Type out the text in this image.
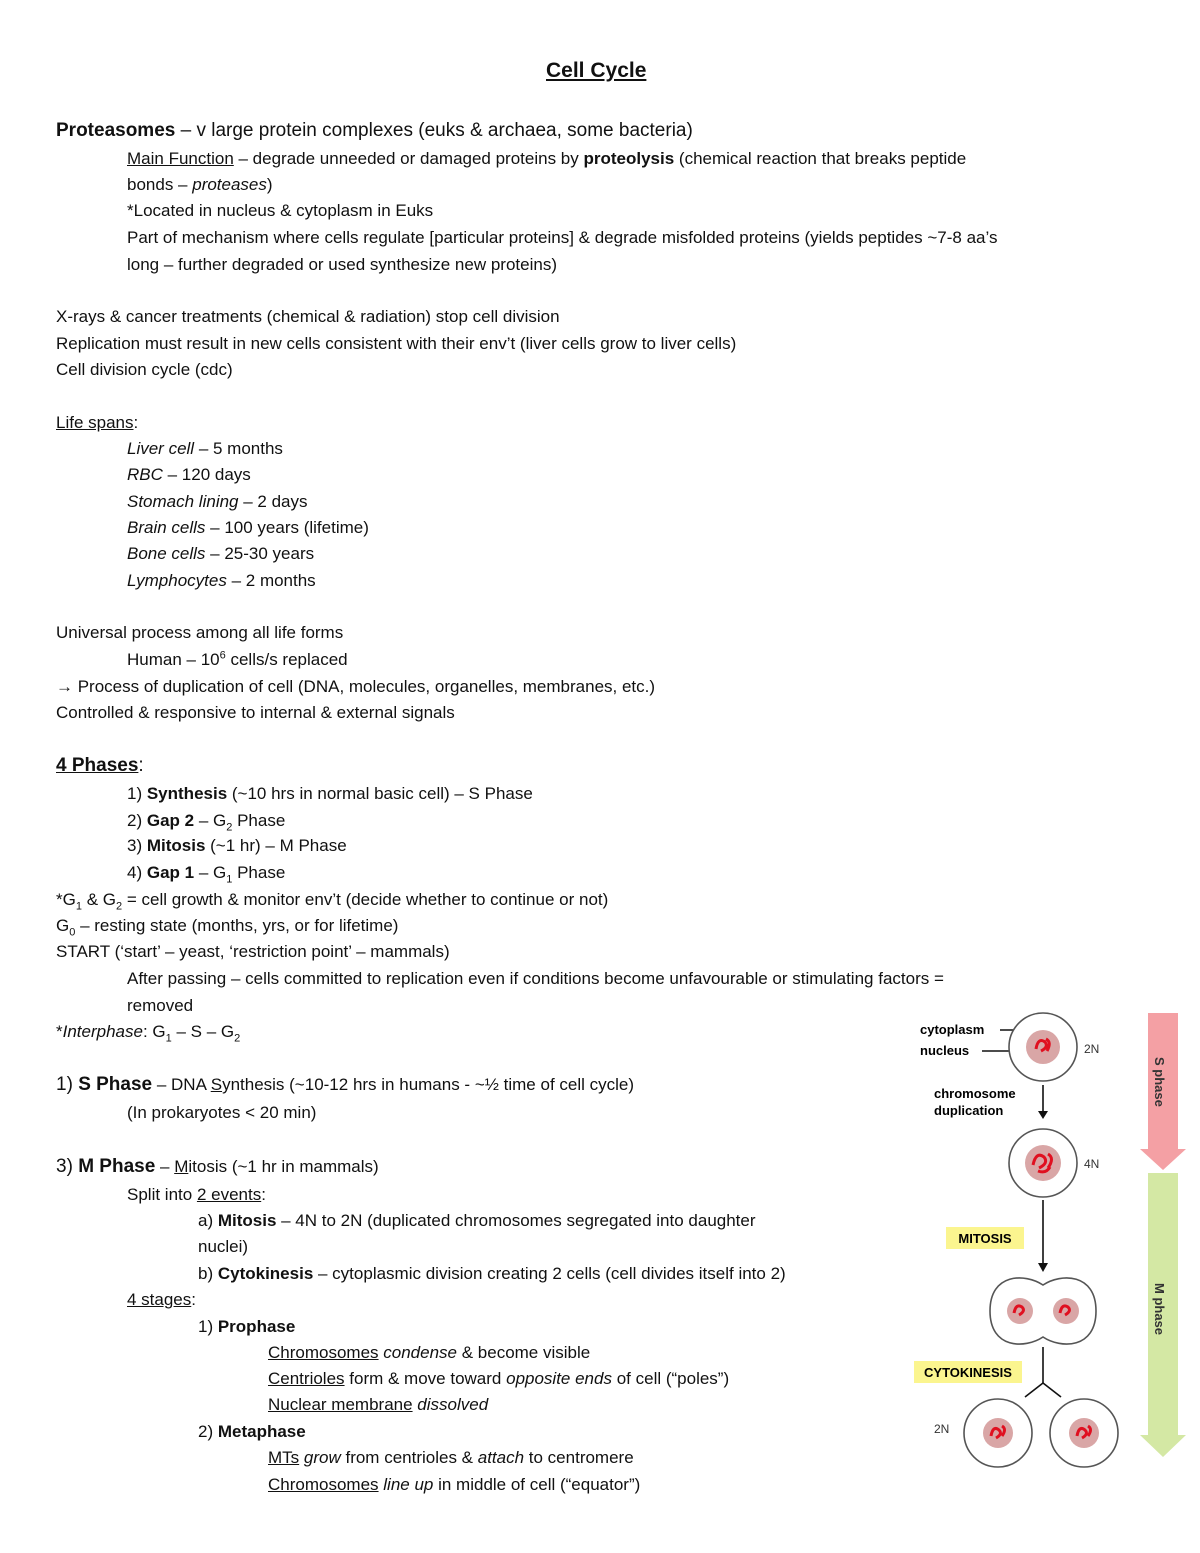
Cell Cycle
Proteasomes – v large protein complexes (euks & archaea, some bacteria)
Main Function – degrade unneeded or damaged proteins by proteolysis (chemical reaction that breaks peptide
bonds – proteases)
*Located in nucleus & cytoplasm in Euks
Part of mechanism where cells regulate [particular proteins] & degrade misfolded proteins (yields peptides ~7-8 aa’s
long – further degraded or used synthesize new proteins)
X-rays & cancer treatments (chemical & radiation) stop cell division
Replication must result in new cells consistent with their env’t (liver cells grow to liver cells)
Cell division cycle (cdc)
Life spans:
Liver cell – 5 months
RBC – 120 days
Stomach lining – 2 days
Brain cells – 100 years (lifetime)
Bone cells – 25-30 years
Lymphocytes – 2 months
Universal process among all life forms
Human – $10^6$ cells/s replaced
→ Process of duplication of cell (DNA, molecules, organelles, membranes, etc.)
Controlled & responsive to internal & external signals
4 Phases:
1) Synthesis (~10 hrs in normal basic cell) – S Phase
2) Gap $2 - G_2$ Phase
3) Mitosis (~1 hr) – M Phase
4) Gap $1 - G_1$ Phase
$*G_1$ & $G_2$ = cell growth & monitor env’t (decide whether to continue or not)
$G_0$ – resting state (months, yrs, or for lifetime)
START (‘start’ – yeast, ‘restriction point’ – mammals)
After passing – cells committed to replication even if conditions become unfavourable or stimulating factors =
removed
*Interphase: $G_1$ – S – $G_2$
1) S Phase – DNA Synthesis (~10-12 hrs in humans - ~½ time of cell cycle)
(In prokaryotes < 20 min)
3) M Phase – Mitosis (~1 hr in mammals)
Split into 2 events:
a) Mitosis – 4N to 2N (duplicated chromosomes segregated into daughter
nuclei)
b) Cytokinesis – cytoplasmic division creating 2 cells (cell divides itself into 2)
4 stages:
1) Prophase
Chromosomes condense & become visible
Centrioles form & move toward opposite ends of cell (“poles”)
Nuclear membrane dissolved
2) Metaphase
MTs grow from centrioles & attach to centromere
Chromosomes line up in middle of cell (“equator”)
S phase
M phase
cytoplasm
nucleus	2N
chromosome
duplication
4N
MITOSIS
CYTOKINESIS
2N
